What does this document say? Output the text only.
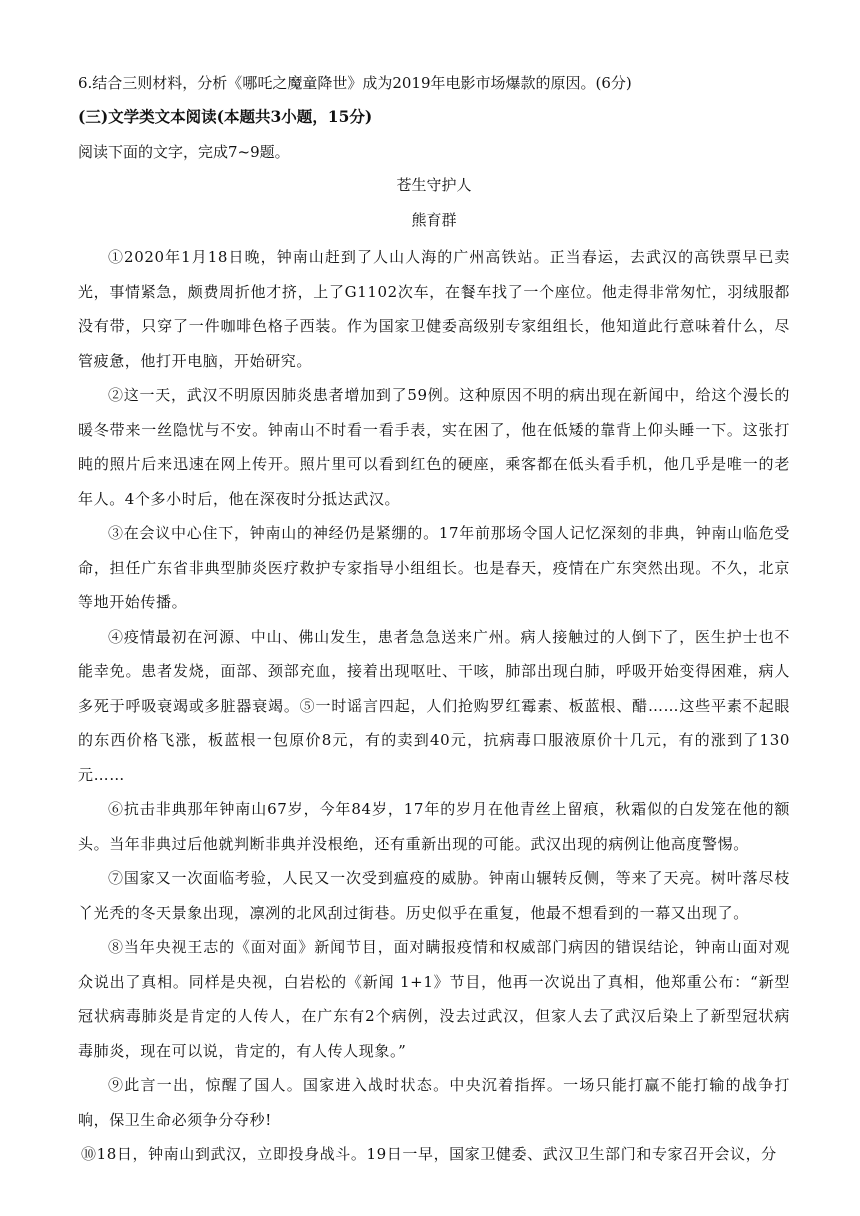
6.结合三则材料，分析《哪吒之魔童降世》成为2019年电影市场爆款的原因。(6分)
(三)文学类文本阅读(本题共3小题，15分)
阅读下面的文字，完成7~9题。
苍生守护人
熊育群

①2020年1月18日晚，钟南山赶到了人山人海的广州高铁站。正当春运，去武汉的高铁票早已卖光，事情紧急，颇费周折他才挤，上了G1102次车，在餐车找了一个座位。他走得非常匆忙，羽绒服都没有带，只穿了一件咖啡色格子西装。作为国家卫健委高级别专家组组长，他知道此行意味着什么，尽管疲惫，他打开电脑，开始研究。

②这一天，武汉不明原因肺炎患者增加到了59例。这种原因不明的病出现在新闻中，给这个漫长的暖冬带来一丝隐忧与不安。钟南山不时看一看手表，实在困了，他在低矮的靠背上仰头睡一下。这张打盹的照片后来迅速在网上传开。照片里可以看到红色的硬座，乘客都在低头看手机，他几乎是唯一的老年人。4个多小时后，他在深夜时分抵达武汉。

③在会议中心住下，钟南山的神经仍是紧绷的。17年前那场令国人记忆深刻的非典，钟南山临危受命，担任广东省非典型肺炎医疗救护专家指导小组组长。也是春天，疫情在广东突然出现。不久，北京等地开始传播。

④疫情最初在河源、中山、佛山发生，患者急急送来广州。病人接触过的人倒下了，医生护士也不能幸免。患者发烧，面部、颈部充血，接着出现呕吐、干咳，肺部出现白肺，呼吸开始变得困难，病人多死于呼吸衰竭或多脏器衰竭。⑤一时谣言四起，人们抢购罗红霉素、板蓝根、醋……这些平素不起眼的东西价格飞涨，板蓝根一包原价8元，有的卖到40元，抗病毒口服液原价十几元，有的涨到了130元……

⑥抗击非典那年钟南山67岁，今年84岁，17年的岁月在他青丝上留痕，秋霜似的白发笼在他的额头。当年非典过后他就判断非典并没根绝，还有重新出现的可能。武汉出现的病例让他高度警惕。

⑦国家又一次面临考验，人民又一次受到瘟疫的威胁。钟南山辗转反侧，等来了天亮。树叶落尽枝丫光秃的冬天景象出现，凛冽的北风刮过街巷。历史似乎在重复，他最不想看到的一幕又出现了。

⑧当年央视王志的《面对面》新闻节目，面对瞒报疫情和权威部门病因的错误结论，钟南山面对观众说出了真相。同样是央视，白岩松的《新闻 1+1》节目，他再一次说出了真相，他郑重公布：“新型冠状病毒肺炎是肯定的人传人，在广东有2个病例，没去过武汉，但家人去了武汉后染上了新型冠状病毒肺炎，现在可以说，肯定的，有人传人现象。”

⑨此言一出，惊醒了国人。国家进入战时状态。中央沉着指挥。一场只能打赢不能打输的战争打响，保卫生命必须争分夺秒!

⑩18日，钟南山到武汉，立即投身战斗。19日一早，国家卫健委、武汉卫生部门和专家召开会议，分
